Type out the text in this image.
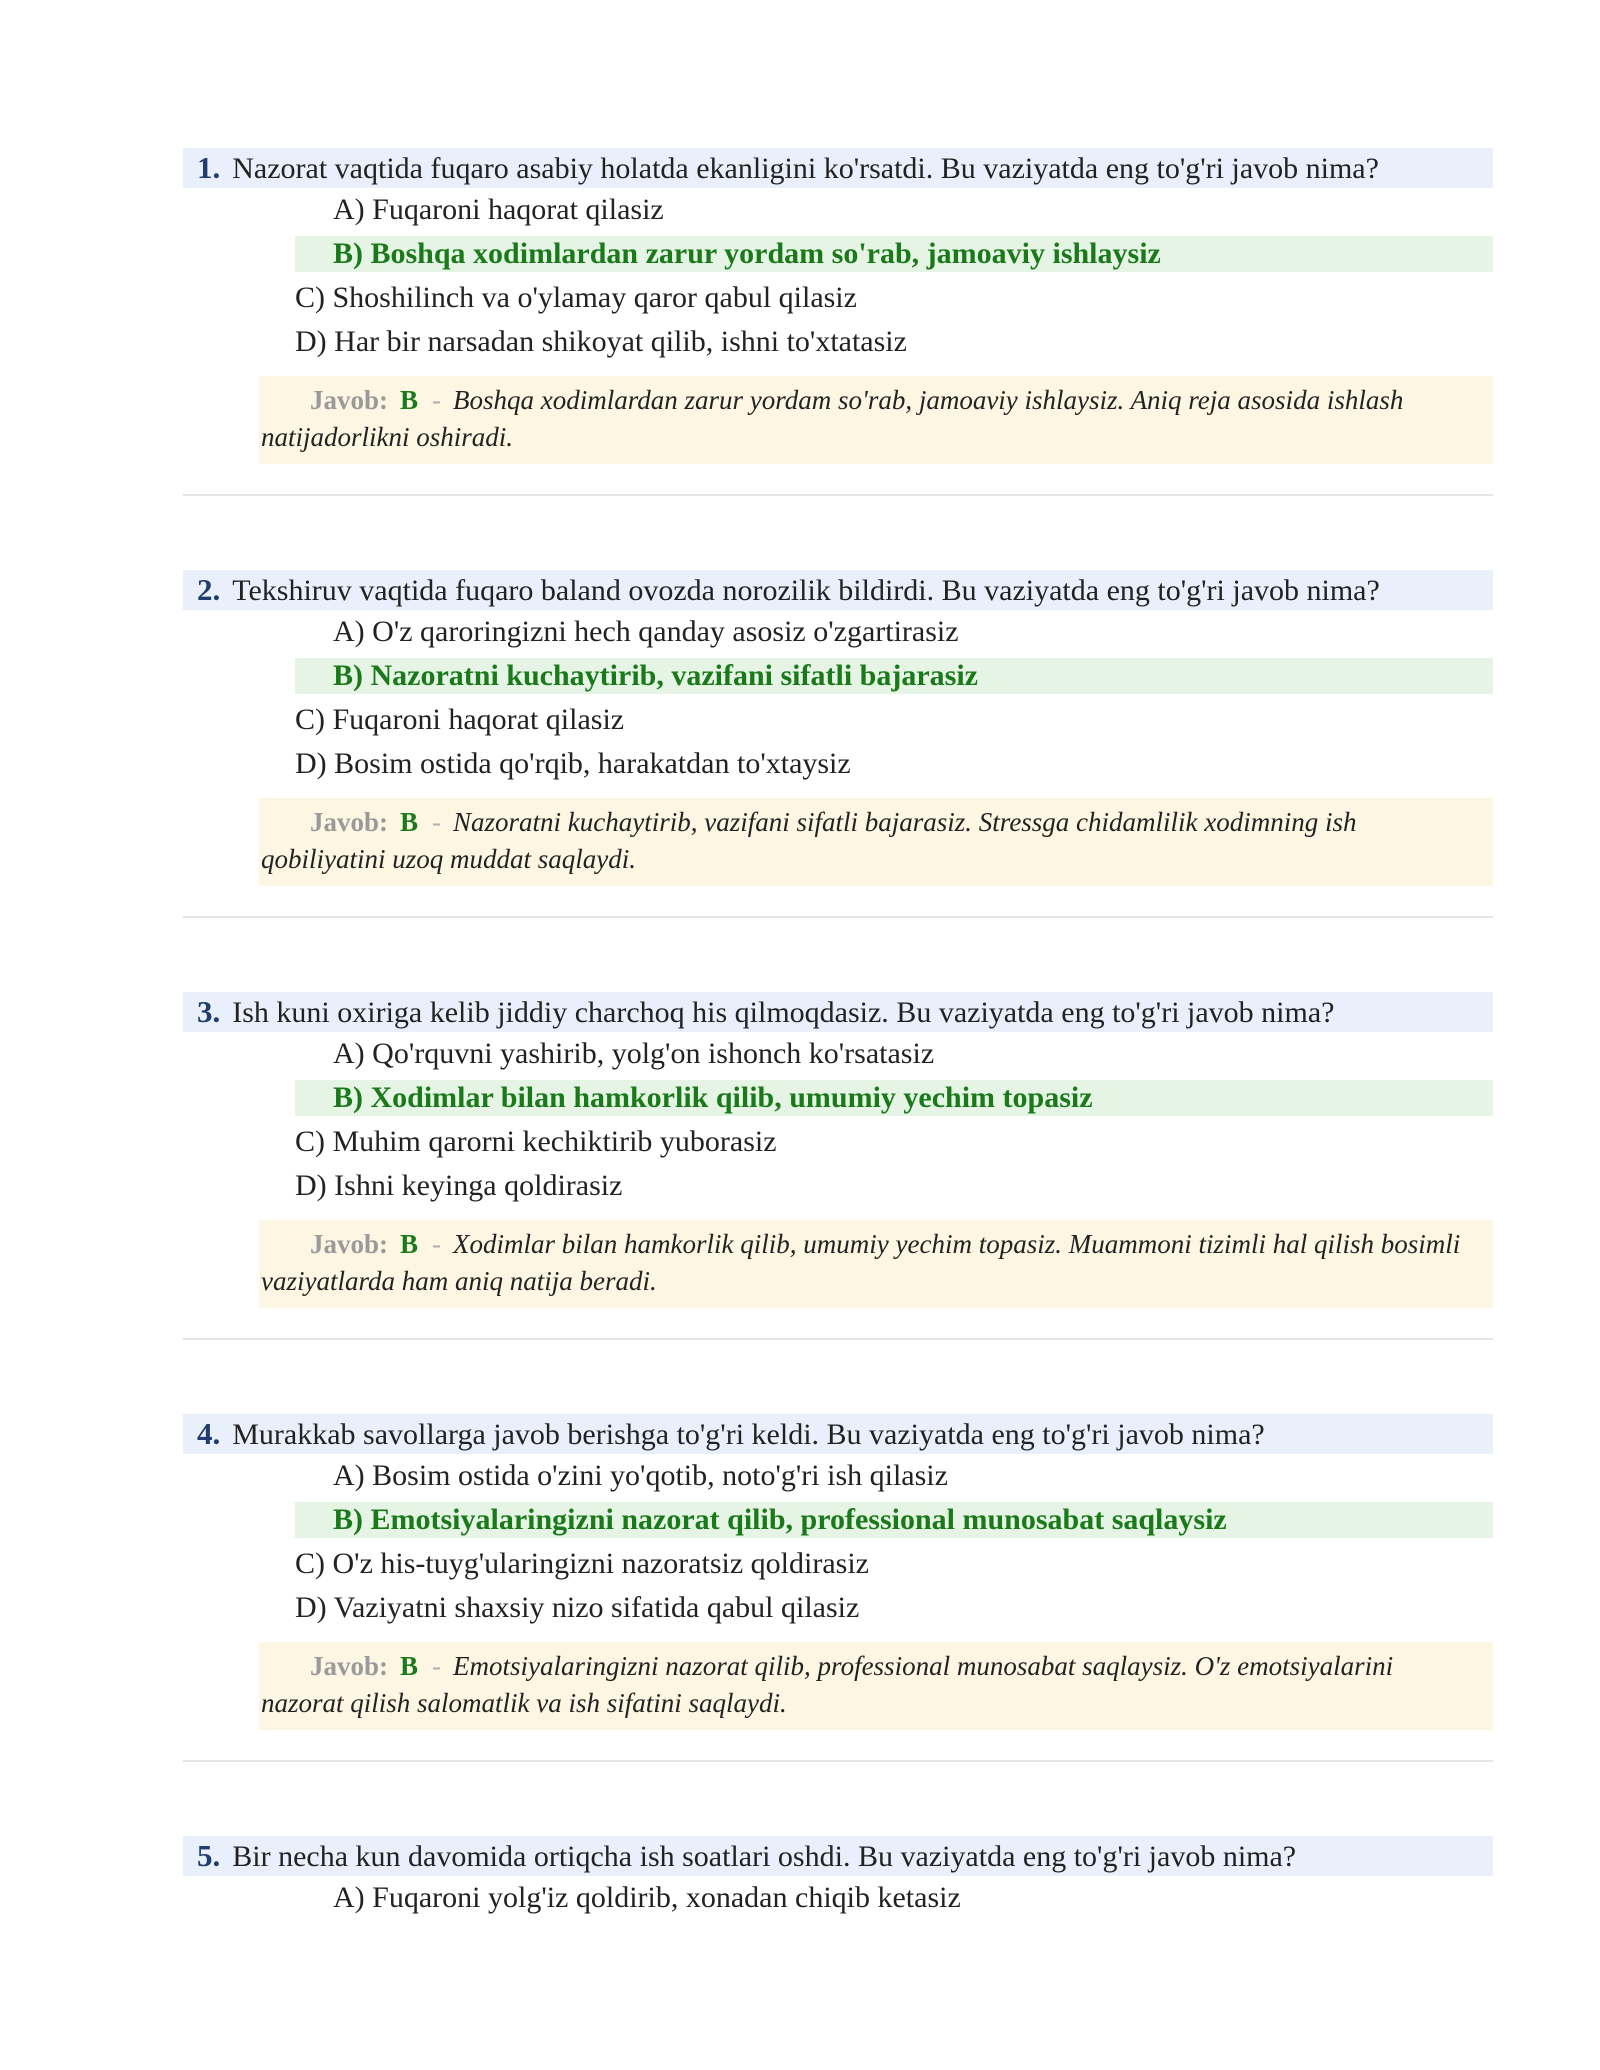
1. Nazorat vaqtida fuqaro asabiy holatda ekanligini ko'rsatdi. Bu vaziyatda eng to'g'ri javob nima?
A) Fuqaroni haqorat qilasiz
B) Boshqa xodimlardan zarur yordam so'rab, jamoaviy ishlaysiz
C) Shoshilinch va o'ylamay qaror qabul qilasiz
D) Har bir narsadan shikoyat qilib, ishni to'xtatasiz
Javob: B - Boshqa xodimlardan zarur yordam so'rab, jamoaviy ishlaysiz. Aniq reja asosida ishlash natijadorlikni oshiradi.
2. Tekshiruv vaqtida fuqaro baland ovozda norozilik bildirdi. Bu vaziyatda eng to'g'ri javob nima?
A) O'z qaroringizni hech qanday asosiz o'zgartirasiz
B) Nazoratni kuchaytirib, vazifani sifatli bajarasiz
C) Fuqaroni haqorat qilasiz
D) Bosim ostida qo'rqib, harakatdan to'xtaysiz
Javob: B - Nazoratni kuchaytirib, vazifani sifatli bajarasiz. Stressga chidamlilik xodimning ish qobiliyatini uzoq muddat saqlaydi.
3. Ish kuni oxiriga kelib jiddiy charchoq his qilmoqdasiz. Bu vaziyatda eng to'g'ri javob nima?
A) Qo'rquvni yashirib, yolg'on ishonch ko'rsatasiz
B) Xodimlar bilan hamkorlik qilib, umumiy yechim topasiz
C) Muhim qarorni kechiktirib yuborasiz
D) Ishni keyinga qoldirasiz
Javob: B - Xodimlar bilan hamkorlik qilib, umumiy yechim topasiz. Muammoni tizimli hal qilish bosimli vaziyatlarda ham aniq natija beradi.
4. Murakkab savollarga javob berishga to'g'ri keldi. Bu vaziyatda eng to'g'ri javob nima?
A) Bosim ostida o'zini yo'qotib, noto'g'ri ish qilasiz
B) Emotsiyalaringizni nazorat qilib, professional munosabat saqlaysiz
C) O'z his-tuyg'ularingizni nazoratsiz qoldirasiz
D) Vaziyatni shaxsiy nizo sifatida qabul qilasiz
Javob: B - Emotsiyalaringizni nazorat qilib, professional munosabat saqlaysiz. O'z emotsiyalarini nazorat qilish salomatlik va ish sifatini saqlaydi.
5. Bir necha kun davomida ortiqcha ish soatlari oshdi. Bu vaziyatda eng to'g'ri javob nima?
A) Fuqaroni yolg'iz qoldirib, xonadan chiqib ketasiz
